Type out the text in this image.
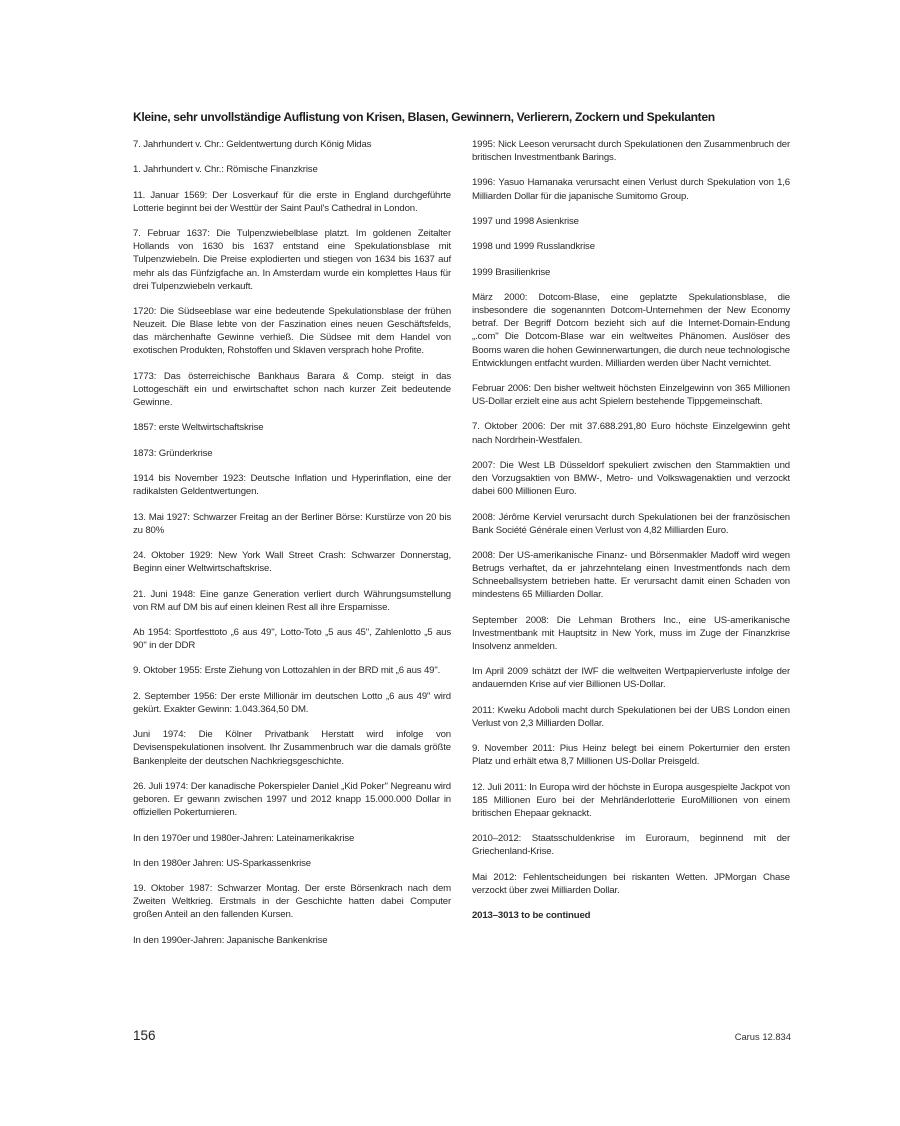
Kleine, sehr unvollständige Auflistung von Krisen, Blasen, Gewinnern, Verlierern, Zockern und Spekulanten

7. Jahrhundert v. Chr.: Geldentwertung durch König Midas

1. Jahrhundert v. Chr.: Römische Finanzkrise

11. Januar 1569: Der Losverkauf für die erste in England durchgeführte Lotterie beginnt bei der Westtür der Saint Paul's Cathedral in London.

7. Februar 1637: Die Tulpenzwiebelblase platzt. Im goldenen Zeitalter Hollands von 1630 bis 1637 entstand eine Spekulationsblase mit Tulpenzwiebeln. Die Preise explodierten und stiegen von 1634 bis 1637 auf mehr als das Fünfzigfache an. In Amsterdam wurde ein komplettes Haus für drei Tulpenzwiebeln verkauft.

1720: Die Südseeblase war eine bedeutende Spekulationsblase der frühen Neuzeit. Die Blase lebte von der Faszination eines neuen Geschäftsfelds, das märchenhafte Gewinne verhieß. Die Südsee mit dem Handel von exotischen Produkten, Rohstoffen und Sklaven versprach hohe Profite.

1773: Das österreichische Bankhaus Barara & Comp. steigt in das Lottogeschäft ein und erwirtschaftet schon nach kurzer Zeit bedeutende Gewinne.

1857: erste Weltwirtschaftskrise

1873: Gründerkrise

1914 bis November 1923: Deutsche Inflation und Hyperinflation, eine der radikalsten Geldentwertungen.

13. Mai 1927: Schwarzer Freitag an der Berliner Börse: Kurstürze von 20 bis zu 80%

24. Oktober 1929: New York Wall Street Crash: Schwarzer Donnerstag, Beginn einer Weltwirtschaftskrise.

21. Juni 1948: Eine ganze Generation verliert durch Währungsumstellung von RM auf DM bis auf einen kleinen Rest all ihre Ersparnisse.

Ab 1954: Sportfesttoto „6 aus 49", Lotto-Toto „5 aus 45", Zahlenlotto „5 aus 90" in der DDR

9. Oktober 1955: Erste Ziehung von Lottozahlen in der BRD mit „6 aus 49".

2. September 1956: Der erste Millionär im deutschen Lotto „6 aus 49" wird gekürt. Exakter Gewinn: 1.043.364,50 DM.

Juni 1974: Die Kölner Privatbank Herstatt wird infolge von Devisenspekulationen insolvent. Ihr Zusammenbruch war die damals größte Bankenpleite der deutschen Nachkriegsgeschichte.

26. Juli 1974: Der kanadische Pokerspieler Daniel „Kid Poker" Negreanu wird geboren. Er gewann zwischen 1997 und 2012 knapp 15.000.000 Dollar in offiziellen Pokerturnieren.

In den 1970er und 1980er-Jahren: Lateinamerikakrise

In den 1980er Jahren: US-Sparkassenkrise

19. Oktober 1987: Schwarzer Montag. Der erste Börsenkrach nach dem Zweiten Weltkrieg. Erstmals in der Geschichte hatten dabei Computer großen Anteil an den fallenden Kursen.

In den 1990er-Jahren: Japanische Bankenkrise

1995: Nick Leeson verursacht durch Spekulationen den Zusammenbruch der britischen Investmentbank Barings.

1996: Yasuo Hamanaka verursacht einen Verlust durch Spekulation von 1,6 Milliarden Dollar für die japanische Sumitomo Group.

1997 und 1998 Asienkrise

1998 und 1999 Russlandkrise

1999 Brasilienkrise

März 2000: Dotcom-Blase, eine geplatzte Spekulationsblase, die insbesondere die sogenannten Dotcom-Unternehmen der New Economy betraf. Der Begriff Dotcom bezieht sich auf die Internet-Domain-Endung „.com" Die Dotcom-Blase war ein weltweites Phänomen. Auslöser des Booms waren die hohen Gewinnerwartungen, die durch neue technologische Entwicklungen entfacht wurden. Milliarden werden über Nacht vernichtet.

Februar 2006: Den bisher weltweit höchsten Einzelgewinn von 365 Millionen US-Dollar erzielt eine aus acht Spielern bestehende Tippgemeinschaft.

7. Oktober 2006: Der mit 37.688.291,80 Euro höchste Einzelgewinn geht nach Nordrhein-Westfalen.

2007: Die West LB Düsseldorf spekuliert zwischen den Stammaktien und den Vorzugsaktien von BMW-, Metro- und Volkswagenaktien und verzockt dabei 600 Millionen Euro.

2008: Jérôme Kerviel verursacht durch Spekulationen bei der französischen Bank Société Générale einen Verlust von 4,82 Milliarden Euro.

2008: Der US-amerikanische Finanz- und Börsenmakler Madoff wird wegen Betrugs verhaftet, da er jahrzehntelang einen Investmentfonds nach dem Schneeballsystem betrieben hatte. Er verursacht damit einen Schaden von mindestens 65 Milliarden Dollar.

September 2008: Die Lehman Brothers Inc., eine US-amerikanische Investmentbank mit Hauptsitz in New York, muss im Zuge der Finanzkrise Insolvenz anmelden.

Im April 2009 schätzt der IWF die weltweiten Wertpapierverluste infolge der andauernden Krise auf vier Billionen US-Dollar.

2011: Kweku Adoboli macht durch Spekulationen bei der UBS London einen Verlust von 2,3 Milliarden Dollar.

9. November 2011: Pius Heinz belegt bei einem Pokerturnier den ersten Platz und erhält etwa 8,7 Millionen US-Dollar Preisgeld.

12. Juli 2011: In Europa wird der höchste in Europa ausgespielte Jackpot von 185 Millionen Euro bei der Mehrländerlotterie EuroMillionen von einem britischen Ehepaar geknackt.

2010–2012: Staatsschuldenkrise im Euroraum, beginnend mit der Griechenland-Krise.

Mai 2012: Fehlentscheidungen bei riskanten Wetten. JPMorgan Chase verzockt über zwei Milliarden Dollar.

2013–3013 to be continued

156	Carus 12.834
